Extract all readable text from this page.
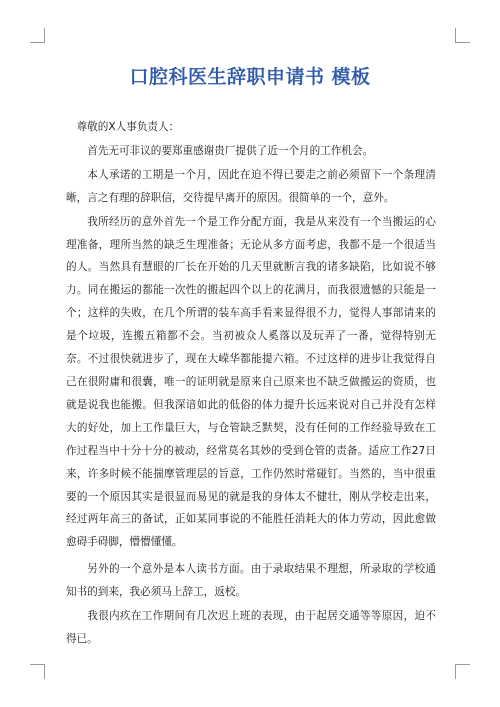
口腔科医生辞职申请书 模板

尊敬的X人事负责人：

首先无可非议的要郑重感谢贵厂提供了近一个月的工作机会。

本人承诺的工期是一个月，因此在迫不得已要走之前必须留下一个条理清晰，言之有理的辞职信，交待提早离开的原因。很简单的一个，意外。

我所经历的意外首先一个是工作分配方面，我是从来没有一个当搬运的心理准备，理所当然的缺乏生理准备；无论从多方面考虑，我都不是一个很适当的人。当然具有慧眼的厂长在开始的几天里就断言我的诸多缺陷，比如说不够力。同在搬运的都能一次性的搬起四个以上的花满月，而我很遗憾的只能是一个；这样的失败，在几个所谓的装车高手看来显得很不力，觉得人事部请来的是个垃圾，连搬五箱都不会。当初被众人奚落以及玩弄了一番，觉得特别无奈。不过很快就进步了，现在大嵘华都能提六箱。不过这样的进步让我觉得自己在很附庸和很囊，唯一的证明就是原来自己原来也不缺乏做搬运的资质，也就是说我也能搬。但我深谙如此的低俗的体力提升长远来说对自己并没有怎样大的好处，加上工作量巨大，与仓管缺乏默契，没有任何的工作经验导致在工作过程当中十分十分的被动，经常莫名其妙的受到仓管的责备。适应工作27日来，许多时候不能揣摩管理层的旨意，工作仍然时常碰钉。当然的，当中很重要的一个原因其实是很显而易见的就是我的身体太不健壮，刚从学校走出来，经过两年高三的备试，正如某同事说的不能胜任消耗大的体力劳动，因此愈做愈碍手碍脚，懵懵懂懂。

另外的一个意外是本人读书方面。由于录取结果不理想，所录取的学校通知书的到来，我必须马上辞工，返校。

我很内疚在工作期间有几次迟上班的表现，由于起居交通等等原因，迫不得已。
